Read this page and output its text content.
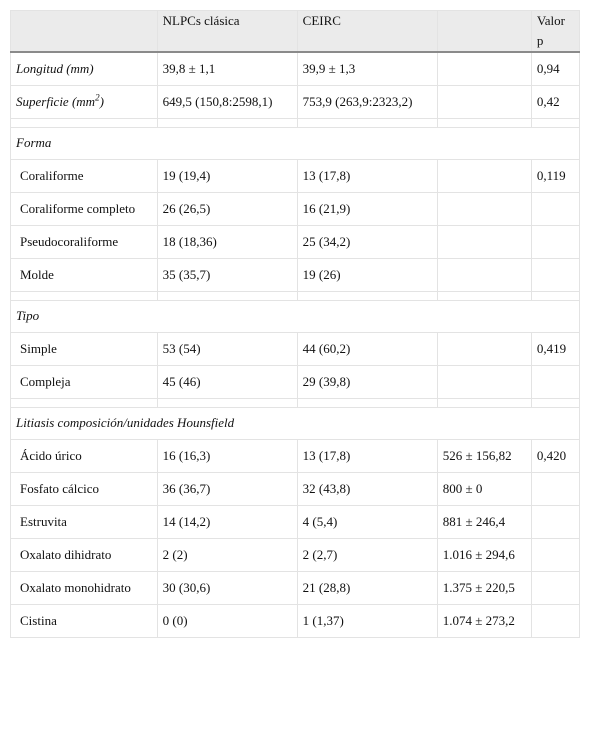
	NLPCs clásica	CEIRC		Valor p
Longitud (mm)	39,8 ± 1,1	39,9 ± 1,3		0,94
Superficie $(mm^2)$	649,5 (150,8:2598,1)	753,9 (263,9:2323,2)		0,42

Forma				
Coraliforme	19 (19,4)	13 (17,8)		0,119
Coraliforme completo	26 (26,5)	16 (21,9)		
Pseudocoraliforme	18 (18,36)	25 (34,2)		
Molde	35 (35,7)	19 (26)		

Tipo				
Simple	53 (54)	44 (60,2)		0,419
Compleja	45 (46)	29 (39,8)		

Litiasis composición/unidades Hounsfield				
Ácido úrico	16 (16,3)	13 (17,8)	526 ± 156,82	0,420
Fosfato cálcico	36 (36,7)	32 (43,8)	800 ± 0	
Estruvita	14 (14,2)	4 (5,4)	881 ± 246,4	
Oxalato dihidrato	2 (2)	2 (2,7)	1.016 ± 294,6	
Oxalato monohidrato	30 (30,6)	21 (28,8)	1.375 ± 220,5	
Cistina	0 (0)	1 (1,37)	1.074 ± 273,2	
